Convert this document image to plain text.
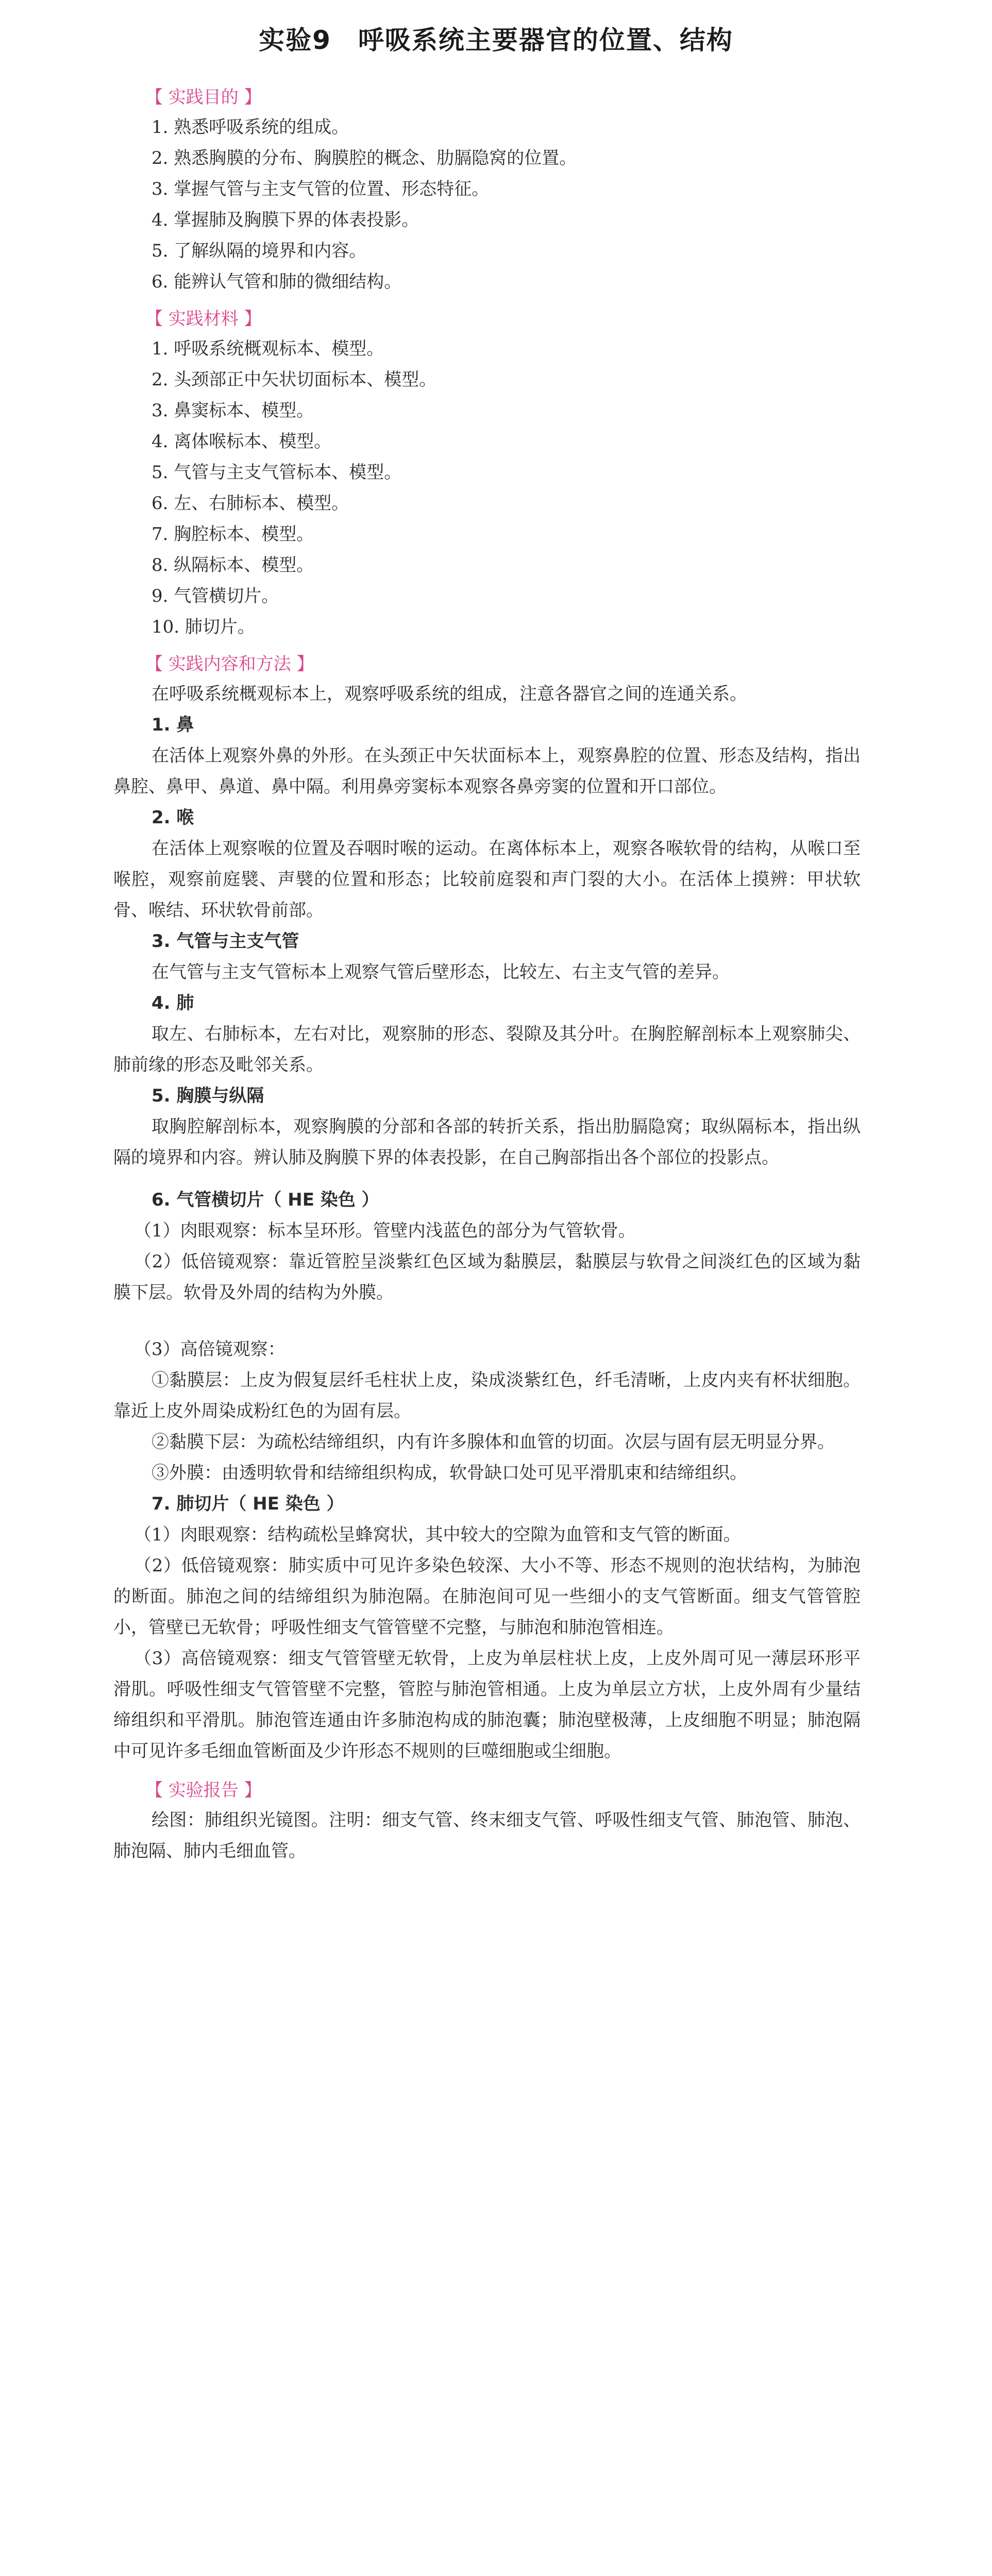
实验9　呼吸系统主要器官的位置、结构
【 实践目的 】
1. 熟悉呼吸系统的组成。
2. 熟悉胸膜的分布、胸膜腔的概念、肋膈隐窝的位置。
3. 掌握气管与主支气管的位置、形态特征。
4. 掌握肺及胸膜下界的体表投影。
5. 了解纵隔的境界和内容。
6. 能辨认气管和肺的微细结构。
【 实践材料 】
1. 呼吸系统概观标本、模型。
2. 头颈部正中矢状切面标本、模型。
3. 鼻窦标本、模型。
4. 离体喉标本、模型。
5. 气管与主支气管标本、模型。
6. 左、右肺标本、模型。
7. 胸腔标本、模型。
8. 纵隔标本、模型。
9. 气管横切片。
10. 肺切片。
【 实践内容和方法 】

在呼吸系统概观标本上，观察呼吸系统的组成，注意各器官之间的连通关系。

1. 鼻

在活体上观察外鼻的外形。在头颈正中矢状面标本上，观察鼻腔的位置、形态及结构，指出鼻腔、鼻甲、鼻道、鼻中隔。利用鼻旁窦标本观察各鼻旁窦的位置和开口部位。

2. 喉

在活体上观察喉的位置及吞咽时喉的运动。在离体标本上，观察各喉软骨的结构，从喉口至喉腔，观察前庭襞、声襞的位置和形态；比较前庭裂和声门裂的大小。在活体上摸辨：甲状软骨、喉结、环状软骨前部。

3. 气管与主支气管

在气管与主支气管标本上观察气管后壁形态，比较左、右主支气管的差异。

4. 肺

取左、右肺标本，左右对比，观察肺的形态、裂隙及其分叶。在胸腔解剖标本上观察肺尖、肺前缘的形态及毗邻关系。

5. 胸膜与纵隔

取胸腔解剖标本，观察胸膜的分部和各部的转折关系，指出肋膈隐窝；取纵隔标本，指出纵隔的境界和内容。辨认肺及胸膜下界的体表投影，在自己胸部指出各个部位的投影点。

6. 气管横切片（ HE 染色 ）

（1）肉眼观察：标本呈环形。管壁内浅蓝色的部分为气管软骨。

（2）低倍镜观察：靠近管腔呈淡紫红色区域为黏膜层，黏膜层与软骨之间淡红色的区域为黏膜下层。软骨及外周的结构为外膜。

（3）高倍镜观察：

①黏膜层：上皮为假复层纤毛柱状上皮，染成淡紫红色，纤毛清晰，上皮内夹有杯状细胞。靠近上皮外周染成粉红色的为固有层。

②黏膜下层：为疏松结缔组织，内有许多腺体和血管的切面。次层与固有层无明显分界。

③外膜：由透明软骨和结缔组织构成，软骨缺口处可见平滑肌束和结缔组织。

7. 肺切片（ HE 染色 ）

（1）肉眼观察：结构疏松呈蜂窝状，其中较大的空隙为血管和支气管的断面。

（2）低倍镜观察：肺实质中可见许多染色较深、大小不等、形态不规则的泡状结构，为肺泡的断面。肺泡之间的结缔组织为肺泡隔。在肺泡间可见一些细小的支气管断面。细支气管管腔小，管壁已无软骨；呼吸性细支气管管壁不完整，与肺泡和肺泡管相连。

（3）高倍镜观察：细支气管管壁无软骨，上皮为单层柱状上皮，上皮外周可见一薄层环形平滑肌。呼吸性细支气管管壁不完整，管腔与肺泡管相通。上皮为单层立方状，上皮外周有少量结缔组织和平滑肌。肺泡管连通由许多肺泡构成的肺泡囊；肺泡壁极薄，上皮细胞不明显；肺泡隔中可见许多毛细血管断面及少许形态不规则的巨噬细胞或尘细胞。

【 实验报告 】

绘图：肺组织光镜图。注明：细支气管、终末细支气管、呼吸性细支气管、肺泡管、肺泡、肺泡隔、肺内毛细血管。
